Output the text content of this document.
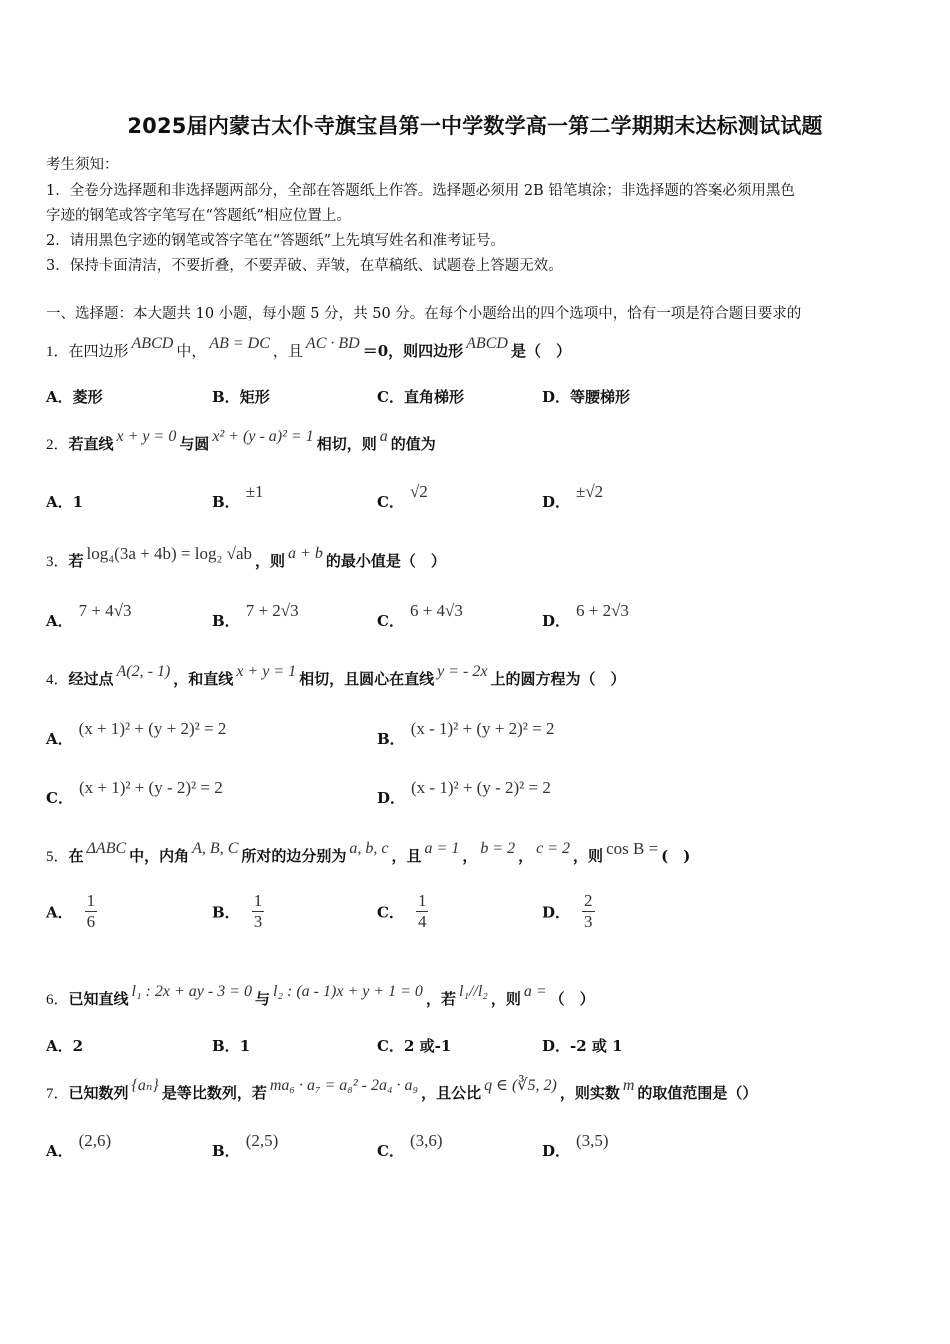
2025届内蒙古太仆寺旗宝昌第一中学数学高一第二学期期末达标测试试题
考生须知：
1．全卷分选择题和非选择题两部分，全部在答题纸上作答。选择题必须用 2B 铅笔填涂；非选择题的答案必须用黑色
字迹的钢笔或答字笔写在“答题纸”相应位置上。
2．请用黑色字迹的钢笔或答字笔在“答题纸”上先填写姓名和准考证号。
3．保持卡面清洁，不要折叠，不要弄破、弄皱，在草稿纸、试题卷上答题无效。
一、选择题：本大题共 10 小题，每小题 5 分，共 50 分。在每个小题给出的四个选项中，恰有一项是符合题目要求的
1．在四边形 ABCD 中， AB = DC ，且 AC · BD ＝0，则四边形 ABCD 是（　）
A．菱形	B．矩形	C．直角梯形	D．等腰梯形
2．若直线 x + y = 0 与圆 x² + (y - a)² = 1 相切，则 a 的值为
A．1	B．±1
C．√2
D．±√2
3．若 log₄(3a + 4b) = log₂ √ab ，则 a + b 的最小值是（　）
A．7 + 4√3
B．7 + 2√3
C．6 + 4√3
D．6 + 2√3
4．经过点 A(2, - 1) ，和直线 x + y = 1 相切，且圆心在直线 y = - 2x 上的圆方程为（　）
A．(x + 1)² + (y + 2)² = 2
B．(x - 1)² + (y + 2)² = 2
C．(x + 1)² + (y - 2)² = 2
D．(x - 1)² + (y - 2)² = 2
5．在 ΔABC 中，内角 A, B, C 所对的边分别为 a, b, c ，且 a = 1 ， b = 2 ， c = 2 ，则 cos B = (　)
A． $\frac{1}{6}$	B． $\frac{1}{3}$	C． $\frac{1}{4}$	D． $\frac{2}{3}$
6．已知直线 l₁ : 2x + ay - 3 = 0 与 l₂ : (a - 1)x + y + 1 = 0 ，若 l₁//l₂ ，则 a = （　）
A．2	B．1	C．2 或-1	D．-2 或 1
7．已知数列 {aₙ} 是等比数列，若 ma₆ · a₇ = a₈² - 2a₄ · a₉ ，且公比 q ∈ (∛5, 2) ，则实数 m 的取值范围是（）
A．(2,6)
B．(2,5)
C．(3,6)
D．(3,5)
